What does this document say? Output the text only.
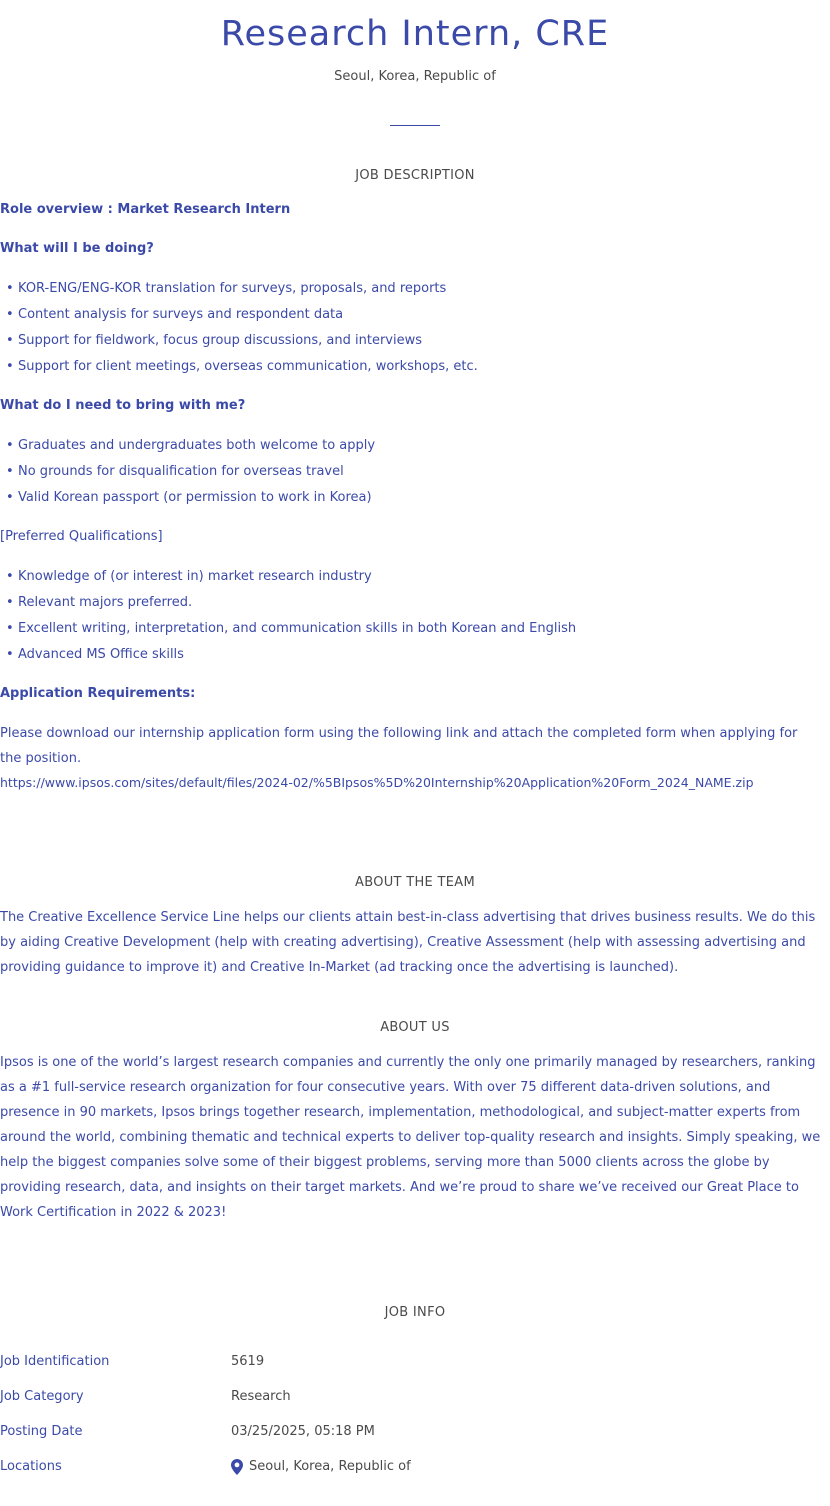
Research Intern, CRE
Seoul, Korea, Republic of
JOB DESCRIPTION
Role overview : Market Research Intern
What will I be doing?
• KOR-ENG/ENG-KOR translation for surveys, proposals, and reports
• Content analysis for surveys and respondent data
• Support for fieldwork, focus group discussions, and interviews
• Support for client meetings, overseas communication, workshops, etc.
What do I need to bring with me?
• Graduates and undergraduates both welcome to apply
• No grounds for disqualification for overseas travel
• Valid Korean passport (or permission to work in Korea)
[Preferred Qualifications]
• Knowledge of (or interest in) market research industry
• Relevant majors preferred.
• Excellent writing, interpretation, and communication skills in both Korean and English
• Advanced MS Office skills
Application Requirements:
Please download our internship application form using the following link and attach the completed form when applying for the position.
https://www.ipsos.com/sites/default/files/2024-02/%5BIpsos%5D%20Internship%20Application%20Form_2024_NAME.zip
ABOUT THE TEAM
The Creative Excellence Service Line helps our clients attain best-in-class advertising that drives business results. We do this by aiding Creative Development (help with creating advertising), Creative Assessment (help with assessing advertising and providing guidance to improve it) and Creative In-Market (ad tracking once the advertising is launched).
ABOUT US
Ipsos is one of the world’s largest research companies and currently the only one primarily managed by researchers, ranking as a #1 full-service research organization for four consecutive years. With over 75 different data-driven solutions, and presence in 90 markets, Ipsos brings together research, implementation, methodological, and subject-matter experts from around the world, combining thematic and technical experts to deliver top-quality research and insights. Simply speaking, we help the biggest companies solve some of their biggest problems, serving more than 5000 clients across the globe by providing research, data, and insights on their target markets. And we’re proud to share we’ve received our Great Place to Work Certification in 2022 & 2023!
JOB INFO
Job Identification	5619
Job Category	Research
Posting Date	03/25/2025, 05:18 PM
Locations	Seoul, Korea, Republic of
